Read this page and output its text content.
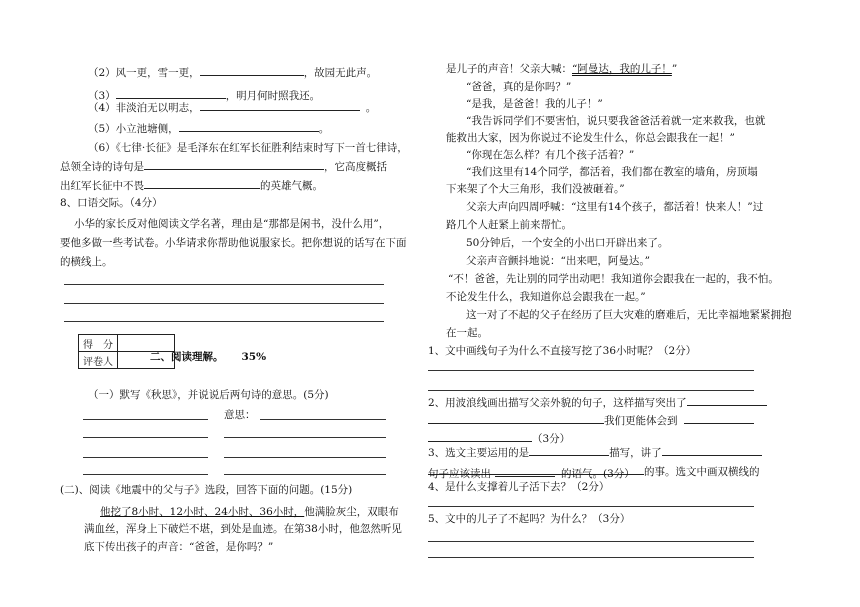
（2）风一更，雪一更，	，故园无此声。
（3）	，明月何时照我还。
（4）非淡泊无以明志，	。
（5）小立池塘侧，	。
（6）《七律·长征》是毛泽东在红军长征胜利结束时写下一首七律诗，
总领全诗的诗句是	，它高度概括
出红军长征中不畏	的英雄气概。
8、口语交际。（4分）
小华的家长反对他阅读文学名著，理由是“那都是闲书，没什么用”，
要他多做一些考试卷。小华请求你帮助他说服家长。把你想说的话写在下面
的横线上。
得　分	
评卷人		二、阅读理解。 35%
（一）默写《秋思》，并说说后两句诗的意思。(5分)
意思：
(二)、阅读《地震中的父与子》选段，回答下面的问题。(15分)
他挖了8小时、12小时、24小时、36小时，他满脸灰尘，双眼布
满血丝，浑身上下破烂不堪，到处是血迹。在第38小时，他忽然听见
底下传出孩子的声音：“爸爸，是你吗？”
是儿子的声音！父亲大喊：“阿曼达，我的儿子！”
“爸爸，真的是你吗？”
“是我，是爸爸！我的儿子！”
“我告诉同学们不要害怕，说只要我爸爸活着就一定来救我，也就
能救出大家，因为你说过不论发生什么，你总会跟我在一起！”
“你现在怎么样？有几个孩子活着？”
“我们这里有14个同学，都活着，我们都在教室的墙角，房顶塌
下来架了个大三角形，我们没被砸着。”
父亲大声向四周呼喊：“这里有14个孩子，都活着！快来人！”过
路几个人赶紧上前来帮忙。
50分钟后，一个安全的小出口开辟出来了。
父亲声音颤抖地说：“出来吧，阿曼达。”
“不！爸爸，先让别的同学出动吧！我知道你会跟我在一起的，我不怕。
不论发生什么，我知道你总会跟我在一起。”
这一对了不起的父子在经历了巨大灾难的磨难后，无比幸福地紧紧拥抱
在一起。
1、文中画线句子为什么不直接写挖了36小时呢？（2分）
2、用波浪线画出描写父亲外貌的句子，这样描写突出了
我们更能体会到
（3分）
3、选文主要运用的是	描写，讲了
的事。选文中画双横线的
句子应该读出	的语气。(3分）
4、是什么支撑着儿子活下去？（2分）
5、文中的儿子了不起吗？为什么？（3分）
